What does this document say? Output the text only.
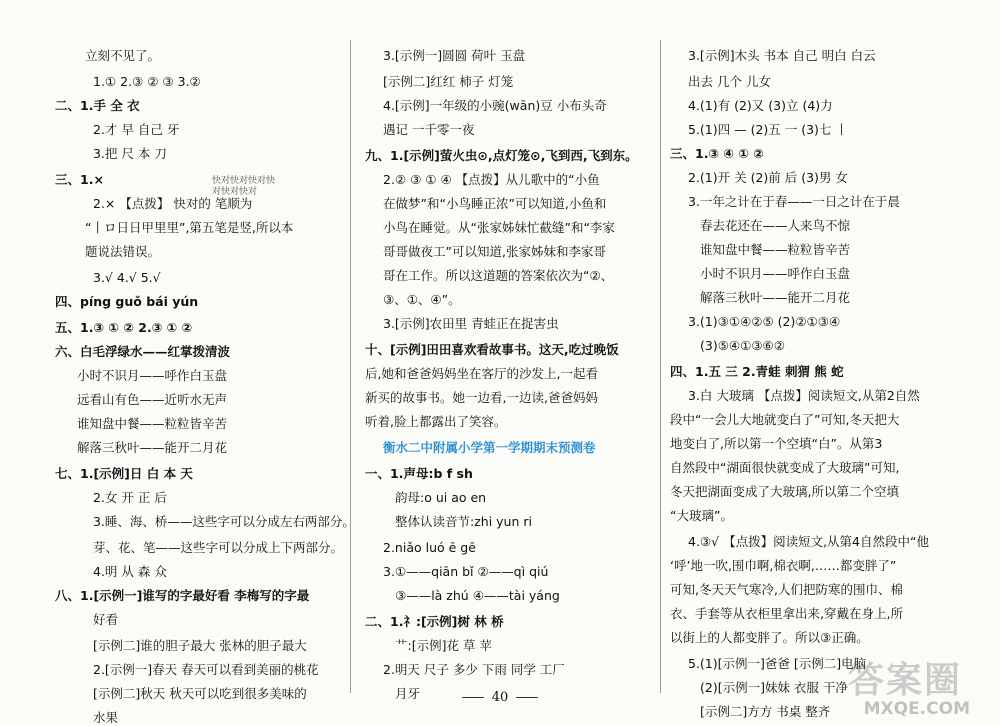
立刻不见了。
1.① 2.③ ② ③ 3.②
二、1.手 全 衣
2.才 早 自己 牙
3.把 尺 本 刀
三、1.×
2.× 【点拨】 快对的 笔顺为
“丨ロ日日甲里里”,第五笔是竖,所以本
题说法错误。
3.√ 4.√ 5.√
四、píng guǒ bái yún
五、1.③ ① ② 2.③ ① ②
六、白毛浮绿水——红掌拨清波
小时不识月——呼作白玉盘
远看山有色——近听水无声
谁知盘中餐——粒粒皆辛苦
解落三秋叶——能开二月花
七、1.[示例]日 白 本 天
2.女 开 正 后
3.睡、海、桥——这些字可以分成左右两部分。
芽、花、笔——这些字可以分成上下两部分。
4.明 从 森 众
八、1.[示例一]谁写的字最好看 李梅写的字最
好看
[示例二]谁的胆子最大 张林的胆子最大
2.[示例一]春天 春天可以看到美丽的桃花
[示例二]秋天 秋天可以吃到很多美味的
水果
快对快对快对快对快对快对
3.[示例一]圆圆 荷叶 玉盘
[示例二]红红 柿子 灯笼
4.[示例]一年级的小豌(wān)豆 小布头奇
遇记 一千零一夜
九、1.[示例]萤火虫⊙,点灯笼⊙,飞到西,飞到东。
2.② ③ ① ④ 【点拨】从儿歌中的“小鱼
在做梦”和“小鸟睡正浓”可以知道,小鱼和
小鸟在睡觉。从“张家姊妹忙截缝”和“李家
哥哥做夜工”可以知道,张家姊妹和李家哥
哥在工作。所以这道题的答案依次为“②、
③、①、④”。
3.[示例]农田里 青蛙正在捉害虫
十、[示例]田田喜欢看故事书。这天,吃过晚饭
后,她和爸爸妈妈坐在客厅的沙发上,一起看
新买的故事书。她一边看,一边读,爸爸妈妈
听着,脸上都露出了笑容。
衡水二中附属小学第一学期期末预测卷
一、1.声母:b f sh
韵母:o ui ao en
整体认读音节:zhi yun ri
2.niǎo luó ē gē
3.①——qiān bǐ ②——qì qiú
③——là zhú ④——tài yáng
二、1.礻:[示例]树 林 桥
艹:[示例]花 草 苹
2.明天 尺子 多少 下雨 同学 工厂
月牙
3.[示例]木头 书本 自己 明白 白云
出去 几个 儿女
4.(1)有 (2)又 (3)立 (4)力
5.(1)四 — (2)五 一 (3)七 丨
三、1.③ ④ ① ②
2.(1)开 关 (2)前 后 (3)男 女
3.一年之计在于春——一日之计在于晨
春去花还在——人来鸟不惊
谁知盘中餐——粒粒皆辛苦
小时不识月——呼作白玉盘
解落三秋叶——能开二月花
3.(1)③①④②⑤ (2)②①③④
(3)⑤④①③⑥②
四、1.五 三 2.青蛙 刺猬 熊 蛇
3.白 大玻璃 【点拨】阅读短文,从第2自然
段中“一会儿大地就变白了”可知,冬天把大
地变白了,所以第一个空填“白”。从第3
自然段中“湖面很快就变成了大玻璃”可知,
冬天把湖面变成了大玻璃,所以第二个空填
“大玻璃”。
4.③√ 【点拨】阅读短文,从第4自然段中“他
‘呼’地一吹,围巾啊,棉衣啊,……都变胖了”
可知,冬天天气寒冷,人们把防寒的围巾、棉
衣、手套等从衣柜里拿出来,穿戴在身上,所
以街上的人都变胖了。所以③正确。
5.(1)[示例一]爸爸 [示例二]电脑
(2)[示例一]妹妹 衣服 干净
[示例二]方方 书桌 整齐
40	答案圈
MXQE.COM
